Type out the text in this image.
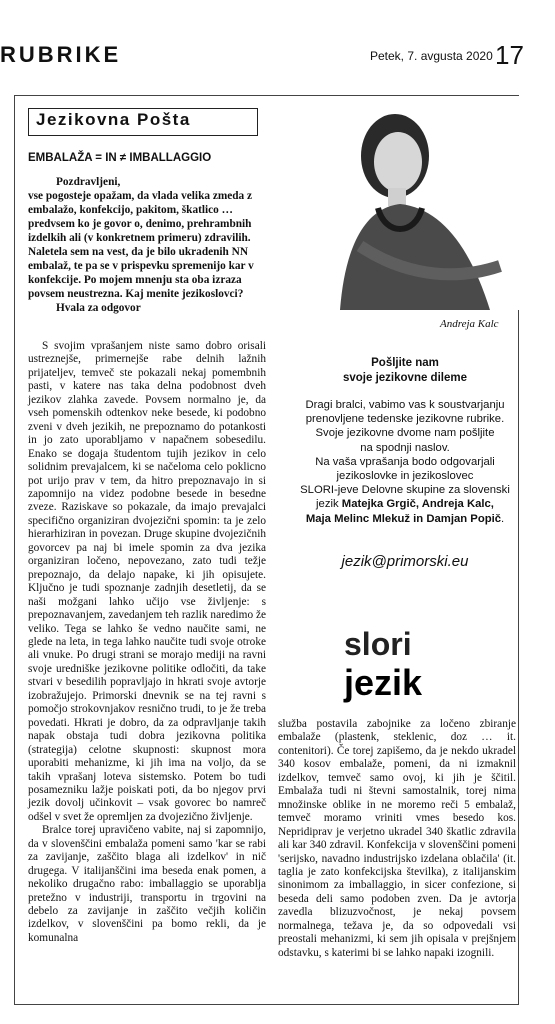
RUBRIKE	Petek, 7. avgusta 2020 17
Jezikovna Pošta
EMBALAŽA = IN ≠ IMBALLAGGIO

Pozdravljeni,

vse pogosteje opažam, da vlada velika zmeda z embalažo, konfekcijo, pakitom, škatlico … predvsem ko je govor o, denimo, prehrambnih izdelkih ali (v konkretnem primeru) zdravilih. Naletela sem na vest, da je bilo ukradenih NN embalaž, te pa se v prispevku spremenijo kar v konfekcije. Po mojem mnenju sta oba izraza povsem neustrezna. Kaj menite jezikoslovci?

Hvala za odgovor

S svojim vprašanjem niste samo dobro orisali ustreznejše, primernejše rabe delnih lažnih prijateljev, temveč ste pokazali nekaj pomembnih pasti, v katere nas taka delna podobnost dveh jezikov zlahka zavede. Povsem normalno je, da vseh pomenskih odtenkov neke besede, ki podobno zveni v dveh jezikih, ne prepoznamo do potankosti in jo zato uporabljamo v napačnem sobesedilu. Enako se dogaja študentom tujih jezikov in celo solidnim prevajalcem, ki se načeloma celo poklicno pot urijo prav v tem, da hitro prepoznavajo in si zapomnijo na videz podobne besede in besedne zveze. Raziskave so pokazale, da imajo prevajalci specifično organiziran dvojezični spomin: ta je zelo hierarhiziran in povezan. Druge skupine dvojezičnih govorcev pa naj bi imele spomin za dva jezika organiziran ločeno, nepovezano, zato tudi težje prepoznajo, da delajo napake, ki jih opisujete. Ključno je tudi spoznanje zadnjih desetletij, da se naši možgani lahko učijo vse življenje: s prepoznavanjem, zavedanjem teh razlik naredimo že veliko. Tega se lahko še vedno naučite sami, ne glede na leta, in tega lahko naučite tudi svoje otroke ali vnuke. Po drugi strani se morajo mediji na ravni svoje uredniške jezikovne politike odločiti, da take stvari v besedilih popravljajo in hkrati svoje avtorje izobražujejo. Primorski dnevnik se na tej ravni s pomočjo strokovnjakov resnično trudi, to je že treba povedati. Hkrati je dobro, da za odpravljanje takih napak obstaja tudi dobra jezikovna politika (strategija) celotne skupnosti: skupnost mora uporabiti mehanizme, ki jih ima na voljo, da se takih vprašanj loteva sistemsko. Potem bo tudi posamezniku lažje poiskati poti, da bo njegov prvi jezik dovolj učinkovit – vsak govorec bo namreč odšel v svet že opremljen za dvojezično življenje.

Bralce torej upravičeno vabite, naj si zapomnijo, da v slovenščini embalaža pomeni samo 'kar se rabi za zavijanje, zaščito blaga ali izdelkov' in nič drugega. V italijanščini ima beseda enak pomen, a nekoliko drugačno rabo: imballaggio se uporablja pretežno v industriji, transportu in trgovini na debelo za zavijanje in zaščito večjih količin izdelkov, v slovenščini pa bomo rekli, da je komunalna

Andreja Kalc
Pošljite nam
svoje jezikovne dileme
Dragi bralci, vabimo vas k soustvarjanju
prenovljene tedenske jezikovne rubrike.
Svoje jezikovne dvome nam pošljite
na spodnji naslov.
Na vaša vprašanja bodo odgovarjali
jezikoslovke in jezikoslovec
SLORI-jeve Delovne skupine za slovenski
jezik Matejka Grgič, Andreja Kalc,
Maja Melinc Mlekuž in Damjan Popič.
jezik@primorski.eu
slori
jezik

služba postavila zabojnike za ločeno zbiranje embalaže (plastenk, steklenic, doz … it. contenitori). Če torej zapišemo, da je nekdo ukradel 340 kosov embalaže, pomeni, da ni izmaknil izdelkov, temveč samo ovoj, ki jih je ščitil. Embalaža tudi ni števni samostalnik, torej nima množinske oblike in ne moremo reči 5 embalaž, temveč moramo vriniti vmes besedo kos. Nepridiprav je verjetno ukradel 340 škatlic zdravila ali kar 340 zdravil. Konfekcija v slovenščini pomeni 'serijsko, navadno industrijsko izdelana oblačila' (it. taglia je zato konfekcijska številka), z italijanskim sinonimom za imballaggio, in sicer confezione, si beseda deli samo podoben zven. Da je avtorja zavedla blizuzvočnost, je nekaj povsem normalnega, težava je, da so odpovedali vsi preostali mehanizmi, ki sem jih opisala v prejšnjem odstavku, s katerimi bi se lahko napaki izognili.
